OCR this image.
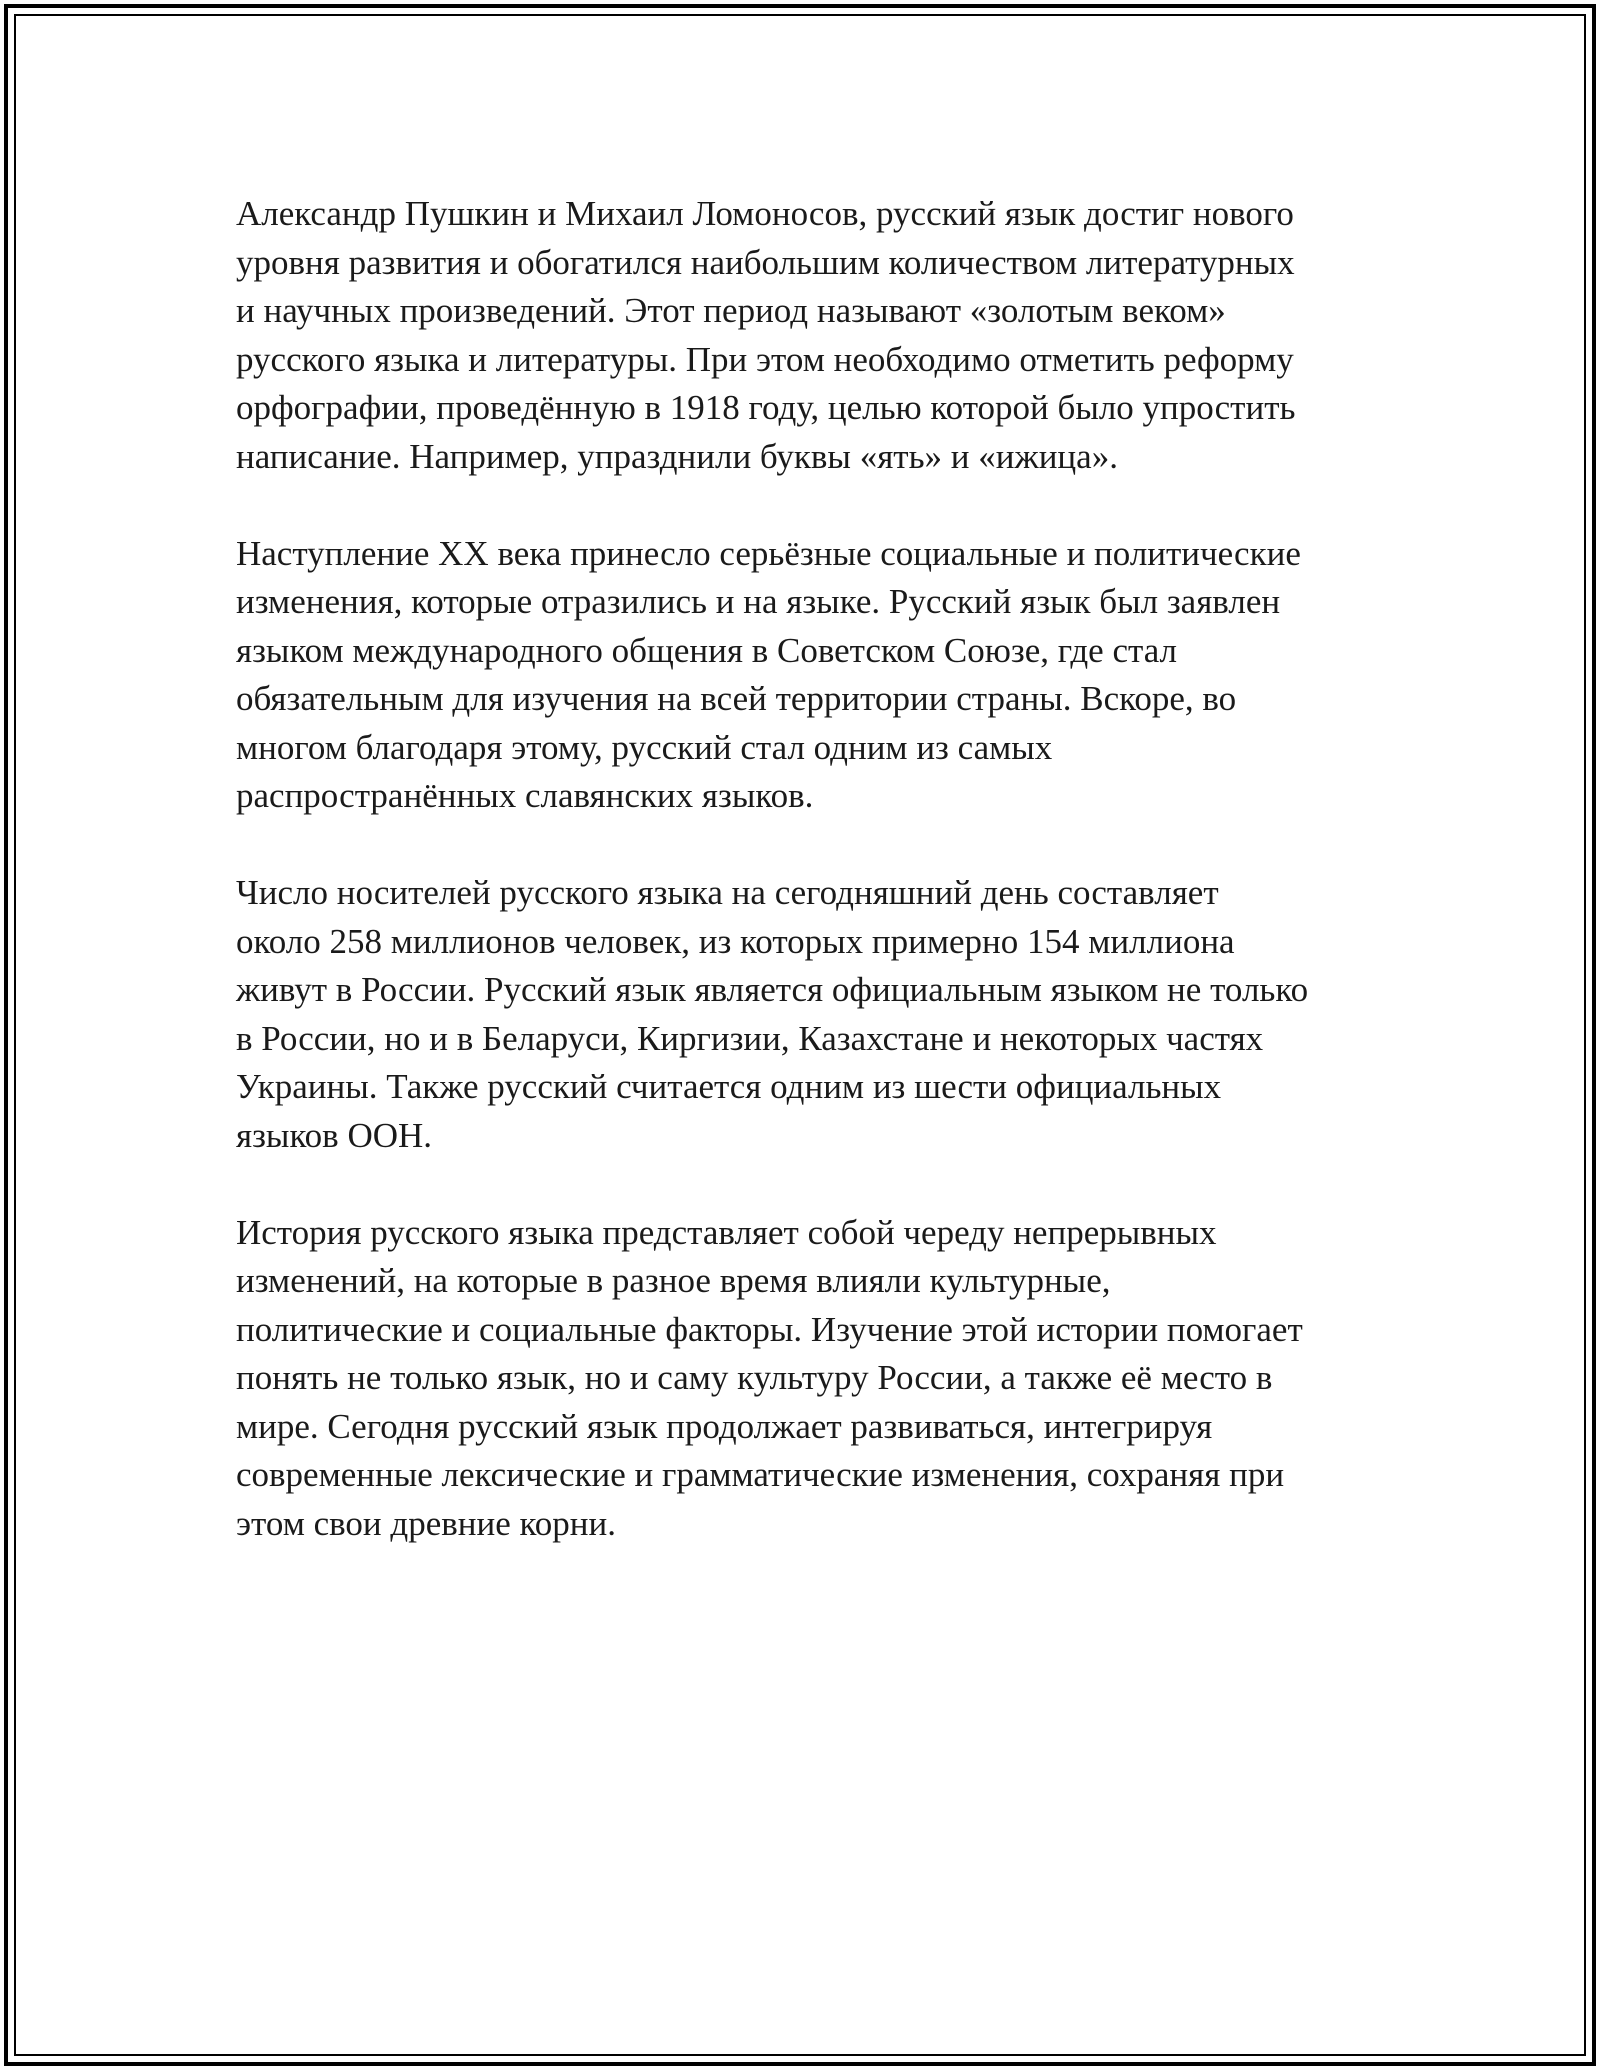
Александр Пушкин и Михаил Ломоносов, русский язык достиг нового
уровня развития и обогатился наибольшим количеством литературных
и научных произведений. Этот период называют «золотым веком»
русского языка и литературы. При этом необходимо отметить реформу
орфографии, проведённую в 1918 году, целью которой было упростить
написание. Например, упразднили буквы «ять» и «ижица».

Наступление XX века принесло серьёзные социальные и политические
изменения, которые отразились и на языке. Русский язык был заявлен
языком международного общения в Советском Союзе, где стал
обязательным для изучения на всей территории страны. Вскоре, во
многом благодаря этому, русский стал одним из самых
распространённых славянских языков.

Число носителей русского языка на сегодняшний день составляет
около 258 миллионов человек, из которых примерно 154 миллиона
живут в России. Русский язык является официальным языком не только
в России, но и в Беларуси, Киргизии, Казахстане и некоторых частях
Украины. Также русский считается одним из шести официальных
языков ООН.

История русского языка представляет собой череду непрерывных
изменений, на которые в разное время влияли культурные,
политические и социальные факторы. Изучение этой истории помогает
понять не только язык, но и саму культуру России, а также её место в
мире. Сегодня русский язык продолжает развиваться, интегрируя
современные лексические и грамматические изменения, сохраняя при
этом свои древние корни.
